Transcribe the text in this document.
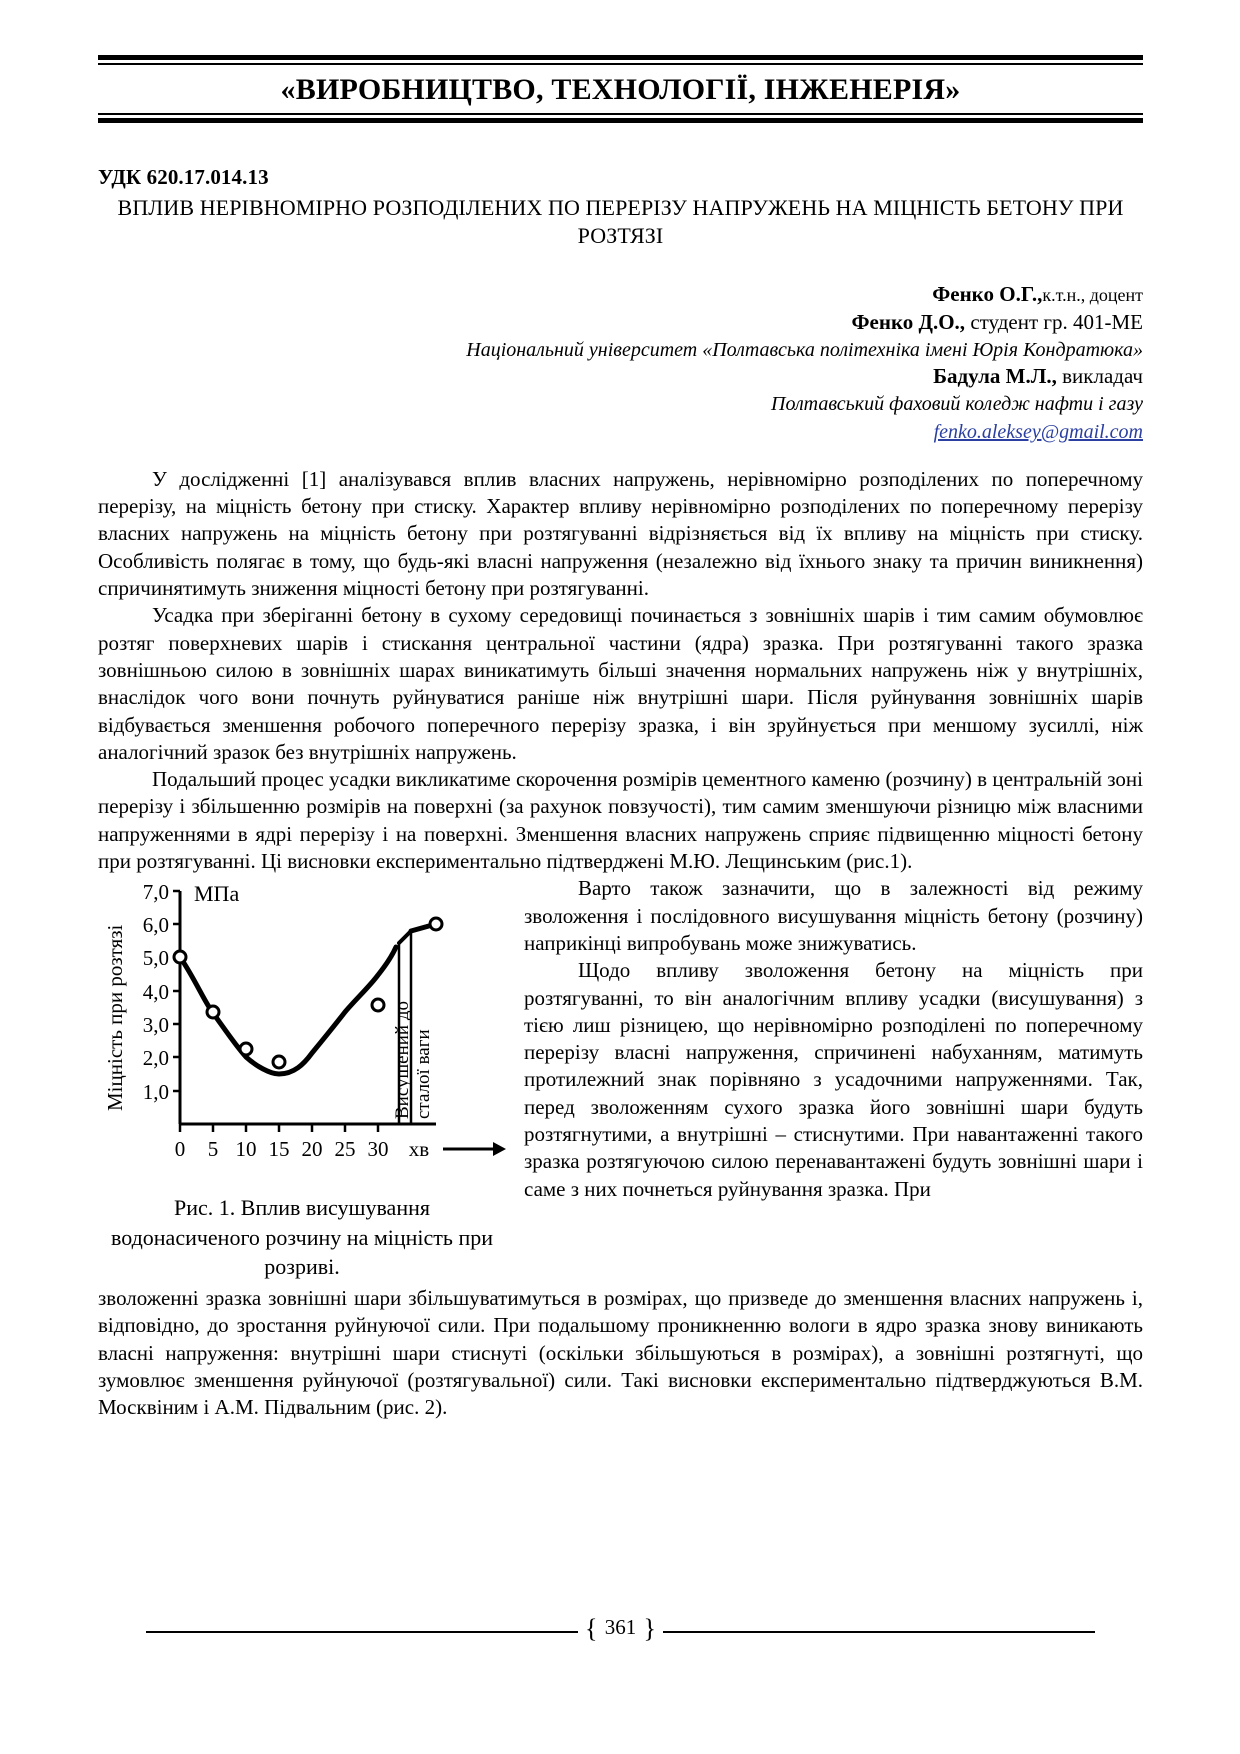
«ВИРОБНИЦТВО, ТЕХНОЛОГІЇ, ІНЖЕНЕРІЯ»
УДК 620.17.014.13
ВПЛИВ НЕРІВНОМІРНО РОЗПОДІЛЕНИХ ПО ПЕРЕРІЗУ НАПРУЖЕНЬ НА МІЦНІСТЬ БЕТОНУ ПРИ РОЗТЯЗІ
Фенко О.Г.,к.т.н., доцент
Фенко Д.О., студент гр. 401-МЕ
Національний університет «Полтавська політехніка імені Юрія Кондратюка»
Бадула М.Л., викладач
Полтавський фаховий коледж нафти і газу
fenko.aleksey@gmail.com

У дослідженні [1] аналізувався вплив власних напружень, нерівномірно розподілених по поперечному перерізу, на міцність бетону при стиску. Характер впливу нерівномірно розподілених по поперечному перерізу власних напружень на міцність бетону при розтягуванні відрізняється від їх впливу на міцність при стиску. Особливість полягає в тому, що будь-які власні напруження (незалежно від їхнього знаку та причин виникнення) спричинятимуть зниження міцності бетону при розтягуванні.

Усадка при зберіганні бетону в сухому середовищі починається з зовнішніх шарів і тим самим обумовлює розтяг поверхневих шарів і стискання центральної частини (ядра) зразка. При розтягуванні такого зразка зовнішньою силою в зовнішніх шарах виникатимуть більші значення нормальних напружень ніж у внутрішніх, внаслідок чого вони почнуть руйнуватися раніше ніж внутрішні шари. Після руйнування зовнішніх шарів відбувається зменшення робочого поперечного перерізу зразка, і він зруйнується при меншому зусиллі, ніж аналогічний зразок без внутрішніх напружень.

Подальший процес усадки викликатиме скорочення розмірів цементного каменю (розчину) в центральній зоні перерізу і збільшенню розмірів на поверхні (за рахунок повзучості), тим самим зменшуючи різницю між власними напруженнями в ядрі перерізу і на поверхні. Зменшення власних напружень сприяє підвищенню міцності бетону при розтягуванні. Ці висновки експериментально підтверджені М.Ю. Лещинським (рис.1).

7,0
6,0
5,0
4,0
3,0
2,0
1,0
МПа
Міцність при розтязі
0 5 10 15 20 25 30 хв
Висушений до сталої ваги
Рис. 1. Вплив висушування водонасиченого розчину на міцність при розриві.

Варто також зазначити, що в залежності від режиму зволоження і послідовного висушування міцність бетону (розчину) наприкінці випробувань може знижуватись.

Щодо впливу зволоження бетону на міцність при розтягуванні, то він аналогічним впливу усадки (висушування) з тією лиш різницею, що нерівномірно розподілені по поперечному перерізу власні напруження, спричинені набуханням, матимуть протилежний знак порівняно з усадочними напруженнями. Так, перед зволоженням сухого зразка його зовнішні шари будуть розтягнутими, а внутрішні – стиснутими. При навантаженні такого зразка розтягуючою силою перенавантажені будуть зовнішні шари і саме з них почнеться руйнування зразка. При

зволоженні зразка зовнішні шари збільшуватимуться в розмірах, що призведе до зменшення власних напружень і, відповідно, до зростання руйнуючої сили. При подальшому проникненню вологи в ядро зразка знову виникають власні напруження: внутрішні шари стиснуті (оскільки збільшуються в розмірах), а зовнішні розтягнуті, що зумовлює зменшення руйнуючої (розтягувальної) сили. Такі висновки експериментально підтверджуються В.М. Москвіним і А.М. Підвальним (рис. 2).

{ }
361
